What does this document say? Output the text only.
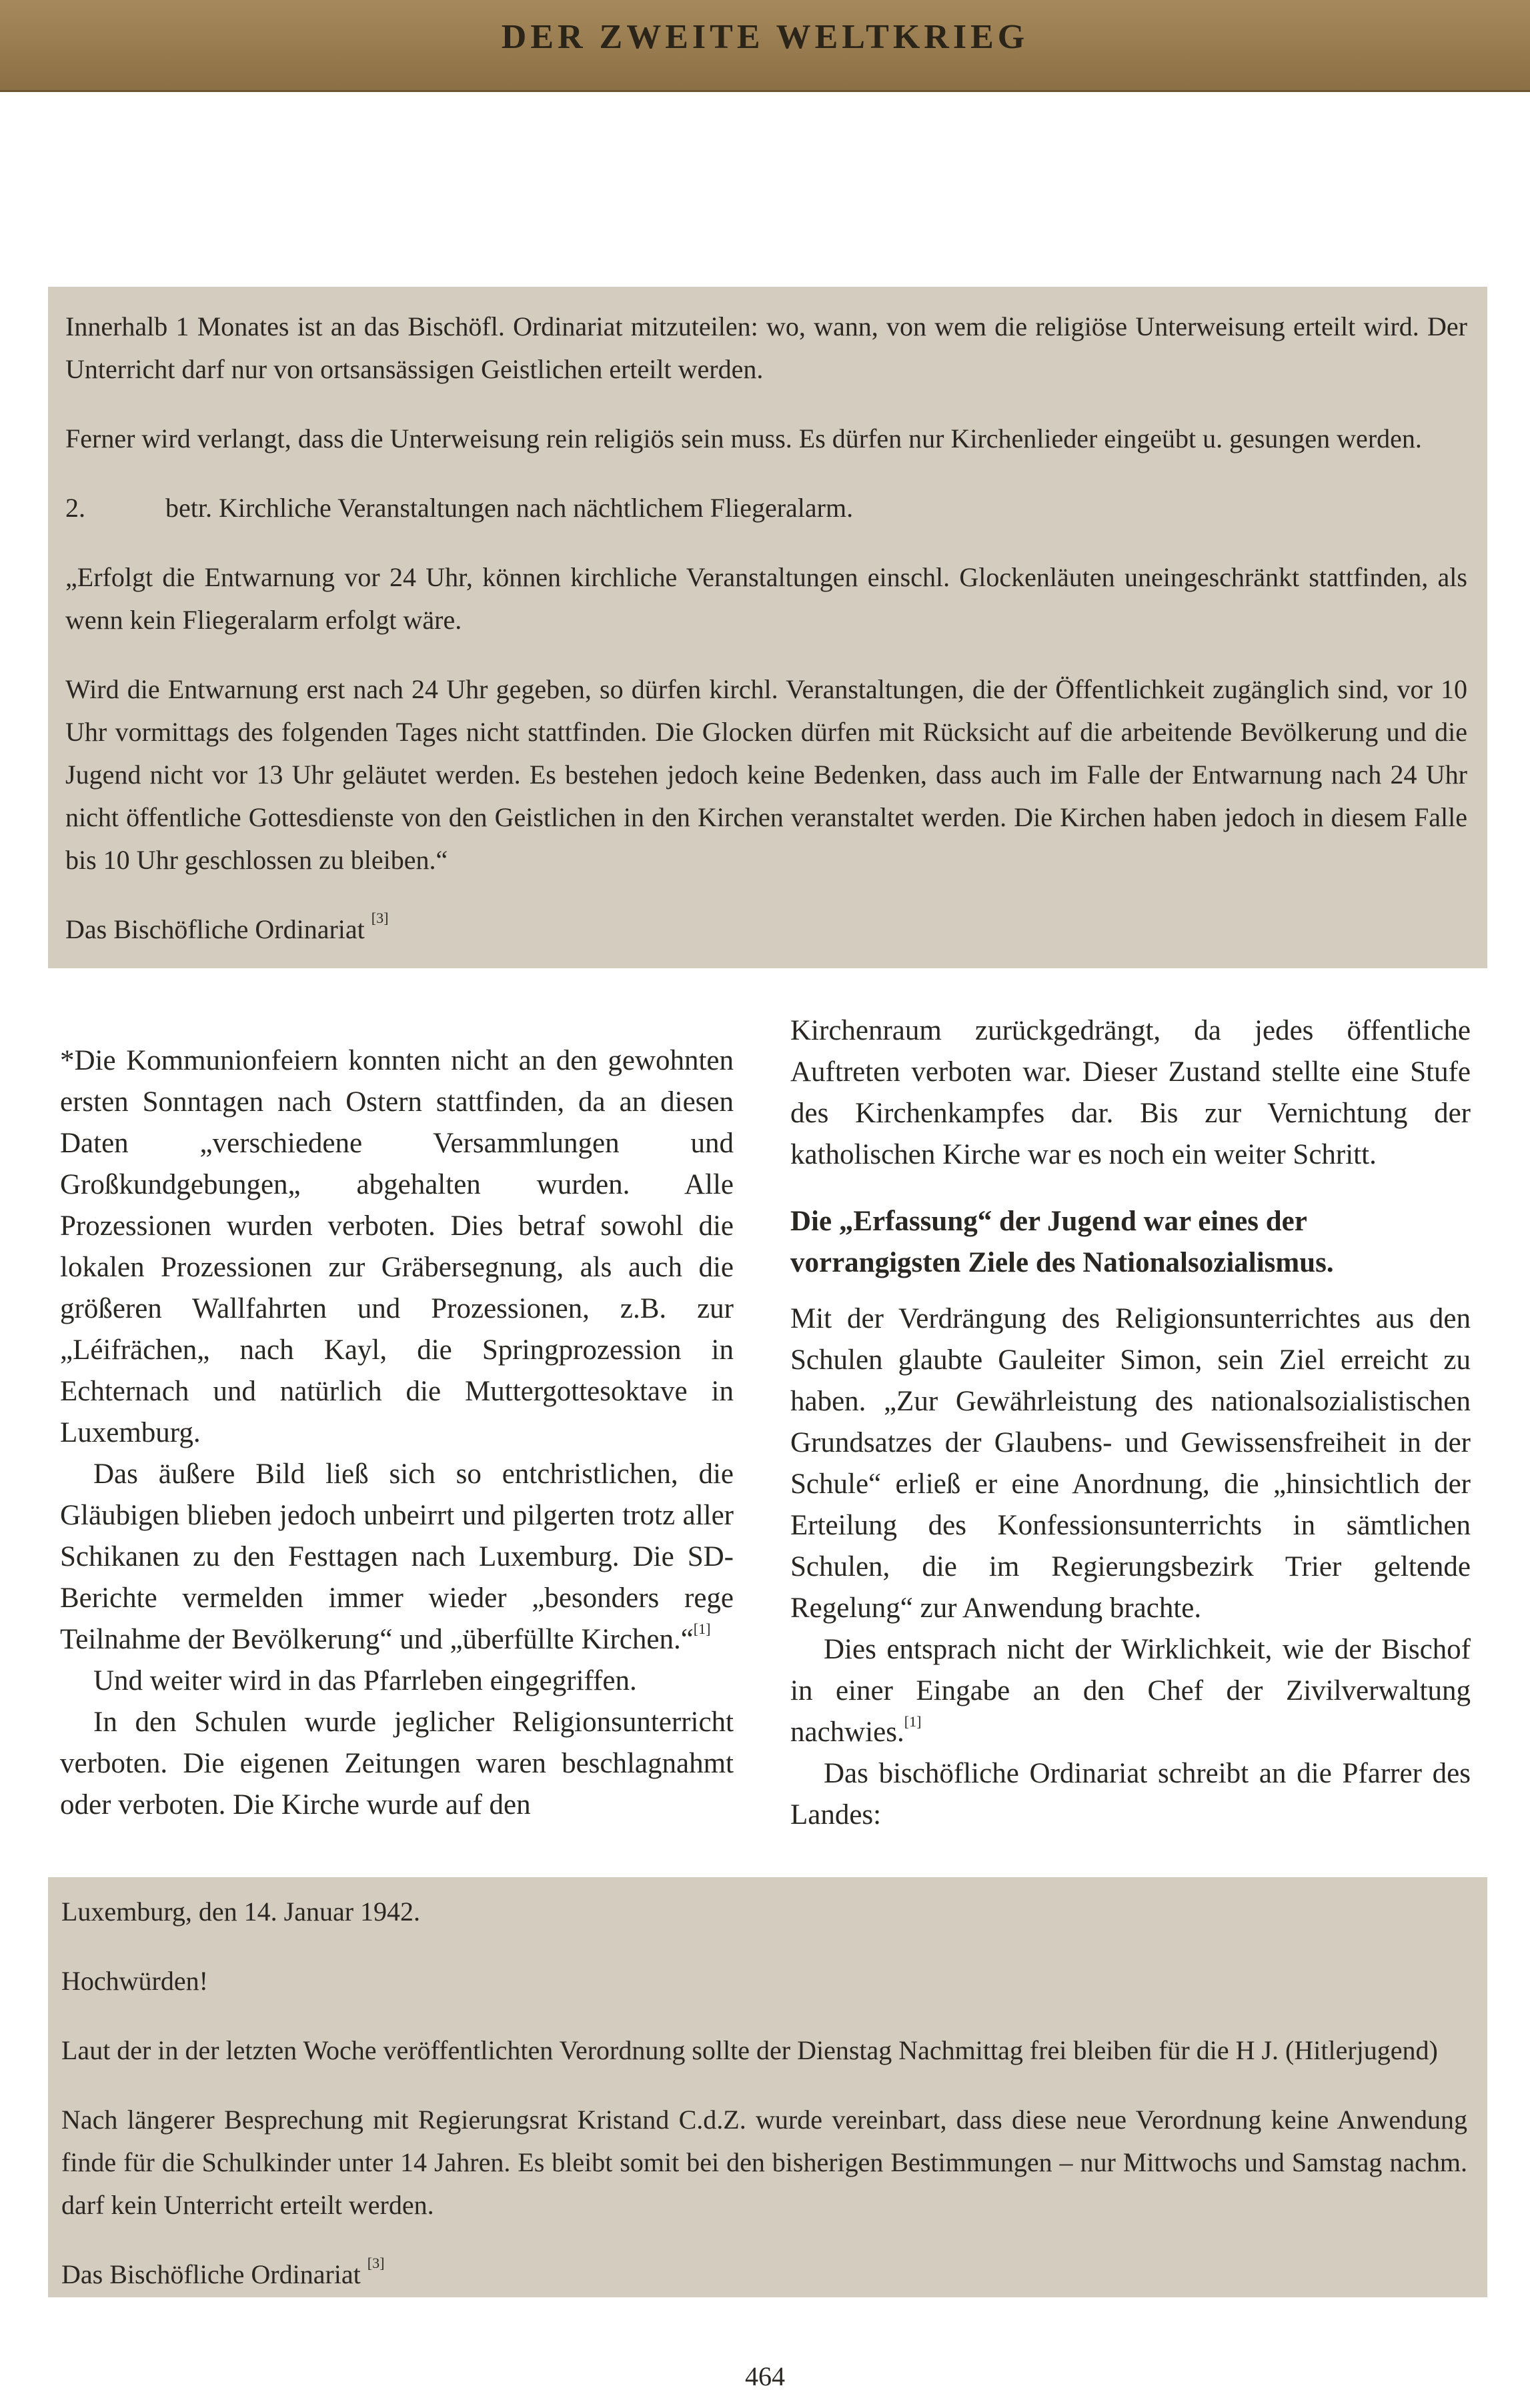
DER ZWEITE WELTKRIEG

Innerhalb 1 Monates ist an das Bischöfl. Ordinariat mitzuteilen: wo, wann, von wem die religiöse Unterweisung erteilt wird. Der Unterricht darf nur von ortsansässigen Geistlichen erteilt werden.

Ferner wird verlangt, dass die Unterweisung rein religiös sein muss. Es dürfen nur Kirchenlieder eingeübt u. gesungen werden.

2.	betr. Kirchliche Veranstaltungen nach nächtlichem Fliegeralarm.

„Erfolgt die Entwarnung vor 24 Uhr, können kirchliche Veranstaltungen einschl. Glockenläuten uneingeschränkt stattfinden, als wenn kein Fliegeralarm erfolgt wäre.

Wird die Entwarnung erst nach 24 Uhr gegeben, so dürfen kirchl. Veranstaltungen, die der Öffentlichkeit zugänglich sind, vor 10 Uhr vormittags des folgenden Tages nicht stattfinden. Die Glocken dürfen mit Rücksicht auf die arbeitende Bevölkerung und die Jugend nicht vor 13 Uhr geläutet werden. Es bestehen jedoch keine Bedenken, dass auch im Falle der Entwarnung nach 24 Uhr nicht öffentliche Gottesdienste von den Geistlichen in den Kirchen veranstaltet werden. Die Kirchen haben jedoch in diesem Falle bis 10 Uhr geschlossen zu bleiben.“

Das Bischöfliche Ordinariat [3]

*Die Kommunionfeiern konnten nicht an den gewohnten ersten Sonntagen nach Ostern stattfinden, da an diesen Daten „verschiedene Versammlungen und Großkundgebungen„ abgehalten wurden. Alle Prozessionen wurden verboten. Dies betraf sowohl die lokalen Prozessionen zur Gräbersegnung, als auch die größeren Wallfahrten und Prozessionen, z.B. zur „Léifrächen„ nach Kayl, die Springprozession in Echternach und natürlich die Muttergottesoktave in Luxemburg.

Das äußere Bild ließ sich so entchristlichen, die Gläubigen blieben jedoch unbeirrt und pilgerten trotz aller Schikanen zu den Festtagen nach Luxemburg. Die SD-Berichte vermelden immer wieder „besonders rege Teilnahme der Bevölkerung“ und „überfüllte Kirchen.“[1]

Und weiter wird in das Pfarrleben eingegriffen.

In den Schulen wurde jeglicher Religionsunterricht verboten. Die eigenen Zeitungen waren beschlagnahmt oder verboten. Die Kirche wurde auf den

Kirchenraum zurückgedrängt, da jedes öffentliche Auftreten verboten war. Dieser Zustand stellte eine Stufe des Kirchenkampfes dar. Bis zur Vernichtung der katholischen Kirche war es noch ein weiter Schritt.

Die „Erfassung“ der Jugend war eines der vorrangigsten Ziele des Nationalsozialismus.

Mit der Verdrängung des Religionsunterrichtes aus den Schulen glaubte Gauleiter Simon, sein Ziel erreicht zu haben. „Zur Gewährleistung des nationalsozialistischen Grundsatzes der Glaubens- und Gewissensfreiheit in der Schule“ erließ er eine Anordnung, die „hinsichtlich der Erteilung des Konfessionsunterrichts in sämtlichen Schulen, die im Regierungsbezirk Trier geltende Regelung“ zur Anwendung brachte.

Dies entsprach nicht der Wirklichkeit, wie der Bischof in einer Eingabe an den Chef der Zivilverwaltung nachwies.[1]

Das bischöfliche Ordinariat schreibt an die Pfarrer des Landes:

Luxemburg, den 14. Januar 1942.

Hochwürden!

Laut der in der letzten Woche veröffentlichten Verordnung sollte der Dienstag Nachmittag frei bleiben für die H J. (Hitlerjugend)

Nach längerer Besprechung mit Regierungsrat Kristand C.d.Z. wurde vereinbart, dass diese neue Verordnung keine Anwendung finde für die Schulkinder unter 14 Jahren. Es bleibt somit bei den bisherigen Bestimmungen – nur Mittwochs und Samstag nachm. darf kein Unterricht erteilt werden.

Das Bischöfliche Ordinariat [3]

464
